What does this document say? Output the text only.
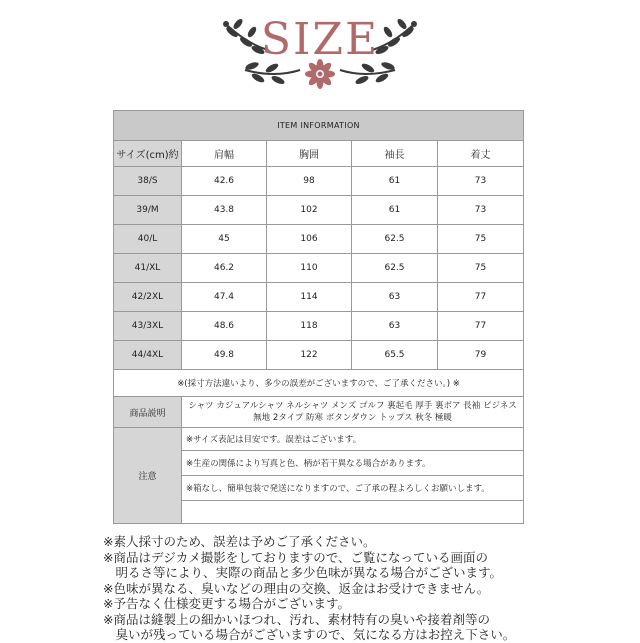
SIZE
ITEM INFORMATION				
サイズ(cm)約	肩幅	胸囲	袖長	着丈
38/S	42.6	98	61	73
39/M	43.8	102	61	73
40/L	45	106	62.5	75
41/XL	46.2	110	62.5	75
42/2XL	47.4	114	63	77
43/3XL	48.6	118	63	77
44/4XL	49.8	122	65.5	79
※(採寸方法違いより、多少の誤差がございますので、ご了承ください。) ※				
商品説明	シャツ カジュアルシャツ ネルシャツ メンズ ゴルフ 裏起毛 厚手 裏ボア 長袖 ビジネス 無地 2タイプ 防寒 ボタンダウン トップス 秋冬 極暖			
注意	※サイズ表記は目安です。誤差はございます。			
	※生産の関係により写真と色、柄が若干異なる場合があります。			
	※箱なし、簡単包装で発送になりますので、ご了承の程よろしくお願いします。			

※素人採寸のため、誤差は予めご了承ください。
※商品はデジカメ撮影をしておりますので、ご覧になっている画面の
　明るさ等により、実際の商品と多少色味が異なる場合がございます。
※色味が異なる、臭いなどの理由の交換、返金はお受けできません。
※予告なく仕様変更する場合がございます。
※商品は縫製上の細かいほつれ、汚れ、素材特有の臭いや接着剤等の
　臭いが残っている場合がございますので、気になる方はお控え下さい。
